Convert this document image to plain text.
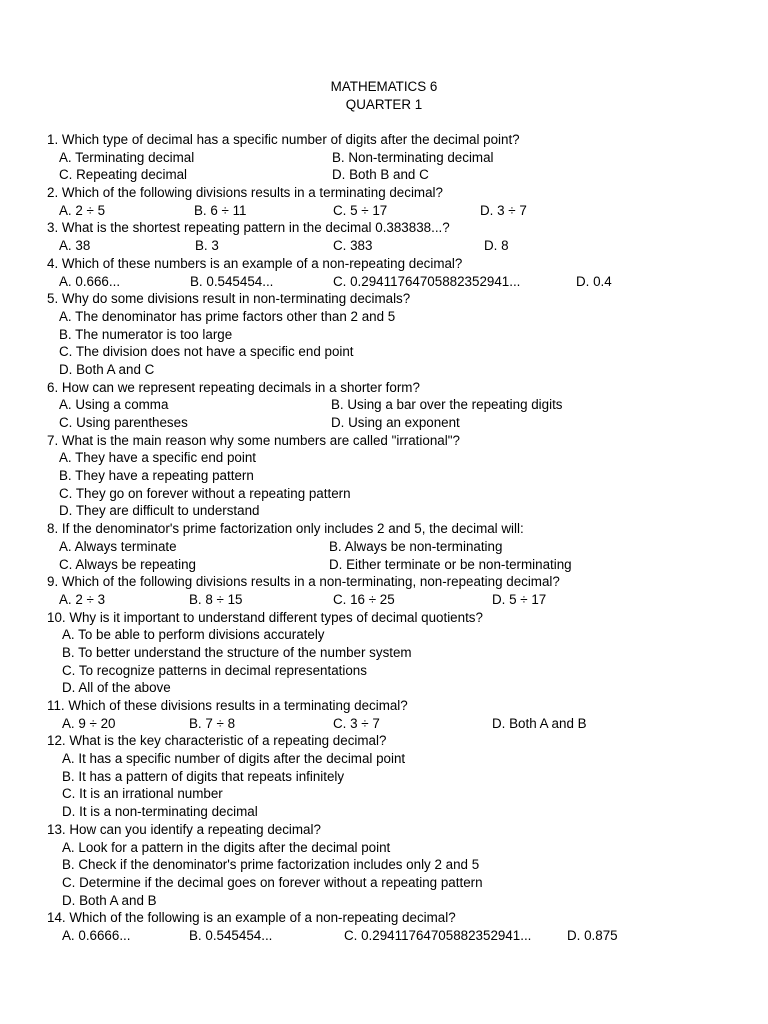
MATHEMATICS 6
QUARTER 1
1. Which type of decimal has a specific number of digits after the decimal point?
A. Terminating decimal	B. Non-terminating decimal
C. Repeating decimal	D. Both B and C
2. Which of the following divisions results in a terminating decimal?
A. 2 ÷ 5	B. 6 ÷ 11	C. 5 ÷ 17	D. 3 ÷ 7
3. What is the shortest repeating pattern in the decimal 0.383838...?
A. 38	B. 3	C. 383	D. 8
4. Which of these numbers is an example of a non-repeating decimal?
A. 0.666...	B. 0.545454...	C. 0.29411764705882352941...	D. 0.4
5. Why do some divisions result in non-terminating decimals?
A. The denominator has prime factors other than 2 and 5
B. The numerator is too large
C. The division does not have a specific end point
D. Both A and C
6. How can we represent repeating decimals in a shorter form?
A. Using a comma	B. Using a bar over the repeating digits
C. Using parentheses	D. Using an exponent
7. What is the main reason why some numbers are called "irrational"?
A. They have a specific end point
B. They have a repeating pattern
C. They go on forever without a repeating pattern
D. They are difficult to understand
8. If the denominator's prime factorization only includes 2 and 5, the decimal will:
A. Always terminate	B. Always be non-terminating
C. Always be repeating	D. Either terminate or be non-terminating
9. Which of the following divisions results in a non-terminating, non-repeating decimal?
A. 2 ÷ 3	B. 8 ÷ 15	C. 16 ÷ 25	D. 5 ÷ 17
10. Why is it important to understand different types of decimal quotients?
A. To be able to perform divisions accurately
B. To better understand the structure of the number system
C. To recognize patterns in decimal representations
D. All of the above
11. Which of these divisions results in a terminating decimal?
A. 9 ÷ 20	B. 7 ÷ 8	C. 3 ÷ 7	D. Both A and B
12. What is the key characteristic of a repeating decimal?
A. It has a specific number of digits after the decimal point
B. It has a pattern of digits that repeats infinitely
C. It is an irrational number
D. It is a non-terminating decimal
13. How can you identify a repeating decimal?
A. Look for a pattern in the digits after the decimal point
B. Check if the denominator's prime factorization includes only 2 and 5
C. Determine if the decimal goes on forever without a repeating pattern
D. Both A and B
14. Which of the following is an example of a non-repeating decimal?
A. 0.6666...	B. 0.545454...	C. 0.29411764705882352941...	D. 0.875
